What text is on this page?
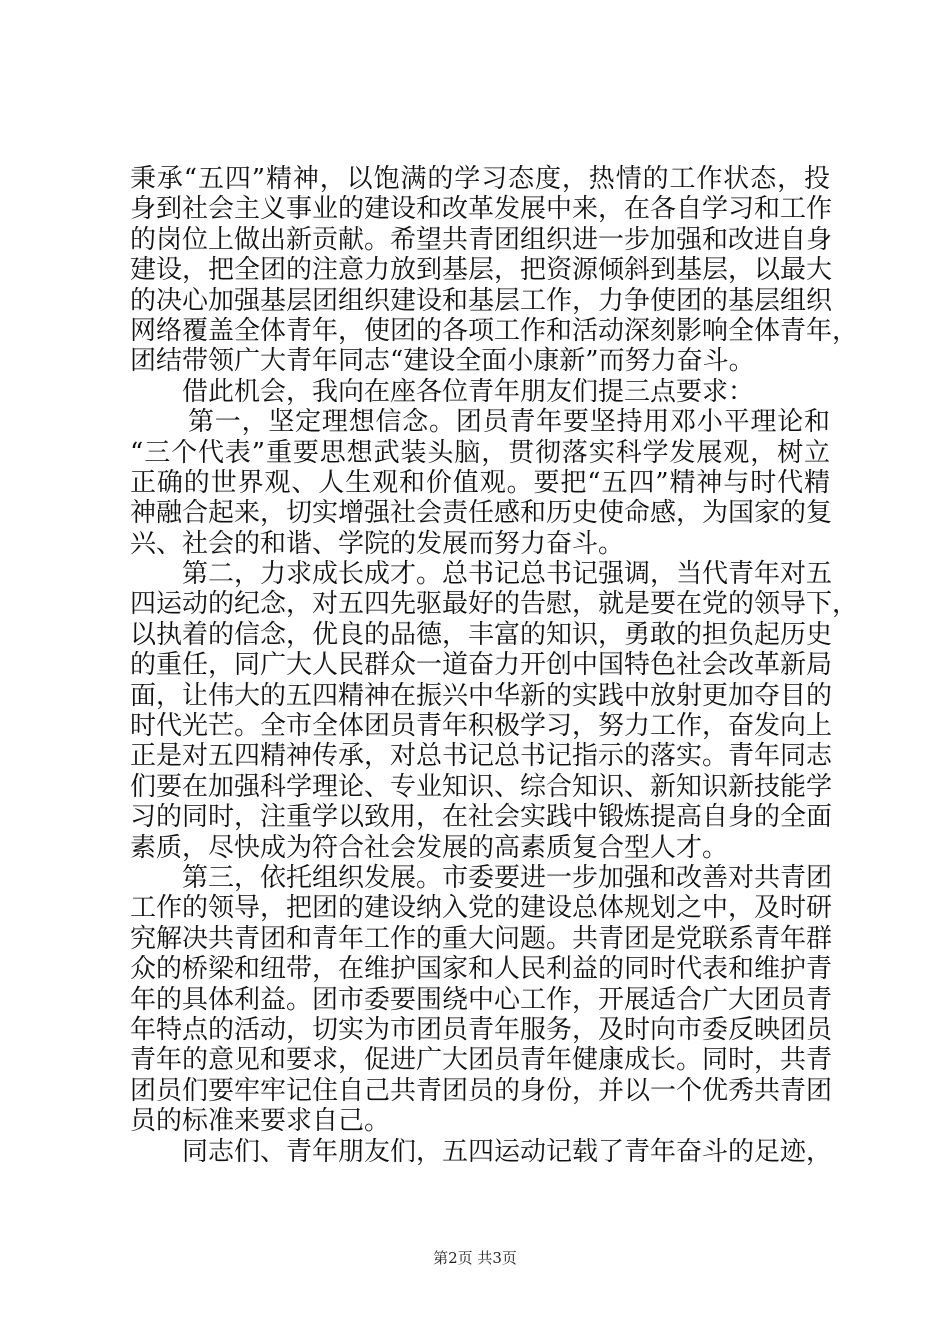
秉承“五四”精神，以饱满的学习态度，热情的工作状态，投
身到社会主义事业的建设和改革发展中来，在各自学习和工作
的岗位上做出新贡献。希望共青团组织进一步加强和改进自身
建设，把全团的注意力放到基层，把资源倾斜到基层，以最大
的决心加强基层团组织建设和基层工作，力争使团的基层组织
网络覆盖全体青年，使团的各项工作和活动深刻影响全体青年，
团结带领广大青年同志“建设全面小康新”而努力奋斗。
借此机会，我向在座各位青年朋友们提三点要求：
第一，坚定理想信念。团员青年要坚持用邓小平理论和
“三个代表”重要思想武装头脑，贯彻落实科学发展观，树立
正确的世界观、人生观和价值观。要把“五四”精神与时代精
神融合起来，切实增强社会责任感和历史使命感，为国家的复
兴、社会的和谐、学院的发展而努力奋斗。
第二，力求成长成才。总书记总书记强调，当代青年对五
四运动的纪念，对五四先驱最好的告慰，就是要在党的领导下，
以执着的信念，优良的品德，丰富的知识，勇敢的担负起历史
的重任，同广大人民群众一道奋力开创中国特色社会改革新局
面，让伟大的五四精神在振兴中华新的实践中放射更加夺目的
时代光芒。全市全体团员青年积极学习，努力工作，奋发向上
正是对五四精神传承，对总书记总书记指示的落实。青年同志
们要在加强科学理论、专业知识、综合知识、新知识新技能学
习的同时，注重学以致用，在社会实践中锻炼提高自身的全面
素质，尽快成为符合社会发展的高素质复合型人才。
第三，依托组织发展。市委要进一步加强和改善对共青团
工作的领导，把团的建设纳入党的建设总体规划之中，及时研
究解决共青团和青年工作的重大问题。共青团是党联系青年群
众的桥梁和纽带，在维护国家和人民利益的同时代表和维护青
年的具体利益。团市委要围绕中心工作，开展适合广大团员青
年特点的活动，切实为市团员青年服务，及时向市委反映团员
青年的意见和要求，促进广大团员青年健康成长。同时，共青
团员们要牢牢记住自己共青团员的身份，并以一个优秀共青团
员的标准来要求自己。
同志们、青年朋友们，五四运动记载了青年奋斗的足迹，
第2页 共3页
